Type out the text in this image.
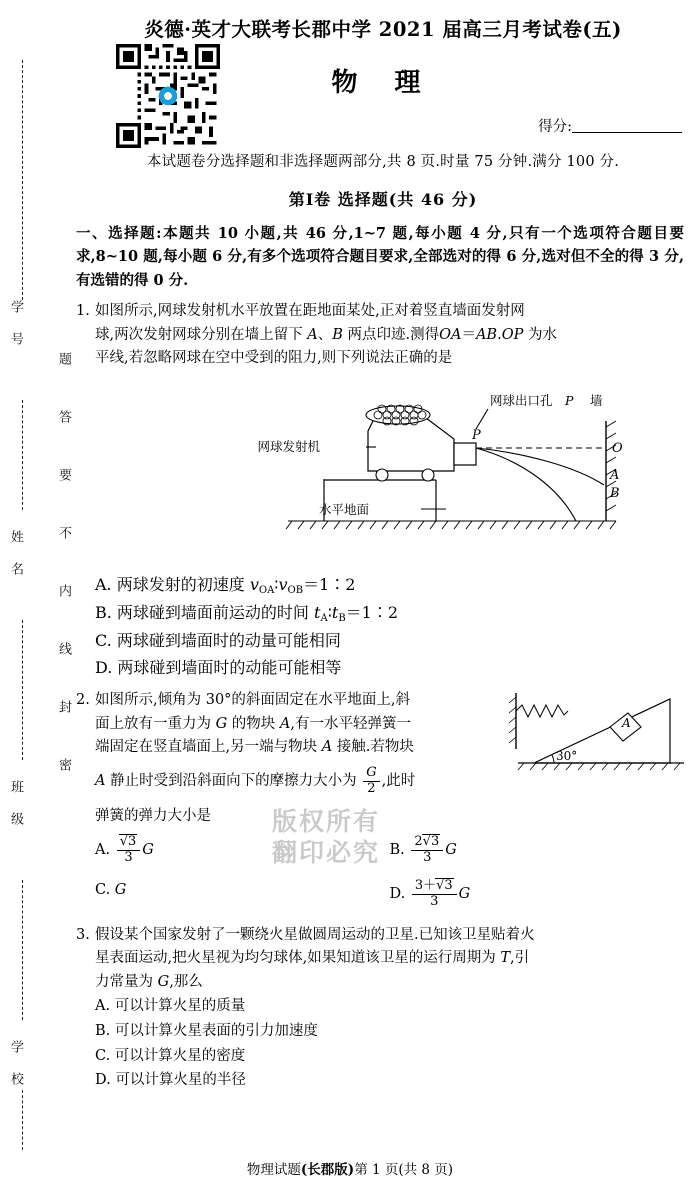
学 号
姓 名
班 级
学 校
题
答
要
不
内
线
封
密
炎德·英才大联考长郡中学 2021 届高三月考试卷(五)
物 理
得分:
本试题卷分选择题和非选择题两部分,共 8 页.时量 75 分钟.满分 100 分.
第Ⅰ卷 选择题(共 46 分)
一、选择题:本题共 10 小题,共 46 分,1~7 题,每小题 4 分,只有一个选项符合题目要求,8~10 题,每小题 6 分,有多个选项符合题目要求,全部选对的得 6 分,选对但不全的得 3 分,有选错的得 0 分.
1. 如图所示,网球发射机水平放置在距地面某处,正对着竖直墙面发射网
球,两次发射网球分别在墙上留下 A、B 两点印迹.测得OA＝AB.OP 为水
平线,若忽略网球在空中受到的阻力,则下列说法正确的是
网球发射机
网球出口孔 P 墙
水平地面
P
O
A
B
A. 两球发射的初速度 $v_{OA}∶v_{OB}=1∶2$
B. 两球碰到墙面前运动的时间 $t_A∶t_B=1∶2$
C. 两球碰到墙面时的动量可能相同
D. 两球碰到墙面时的动能可能相等
30°
A
2. 如图所示,倾角为 30°的斜面固定在水平地面上,斜
面上放有一重力为 G 的物块 A,有一水平轻弹簧一
端固定在竖直墙面上,另一端与物块 A 接触.若物块
A 静止时受到沿斜面向下的摩擦力大小为 $\frac{G}{2}$ ,此时
弹簧的弹力大小是
A. $\frac{√3}{3}$ G	B. $\frac{2√3}{3}$ G
C. G	D. $\frac{3+√3}{3}$ G
3. 假设某个国家发射了一颗绕火星做圆周运动的卫星.已知该卫星贴着火
星表面运动,把火星视为均匀球体,如果知道该卫星的运行周期为 T,引
力常量为 G,那么
A. 可以计算火星的质量
B. 可以计算火星表面的引力加速度
C. 可以计算火星的密度
D. 可以计算火星的半径
版权所有
翻印必究
物理试题(长郡版)第 1 页(共 8 页)
